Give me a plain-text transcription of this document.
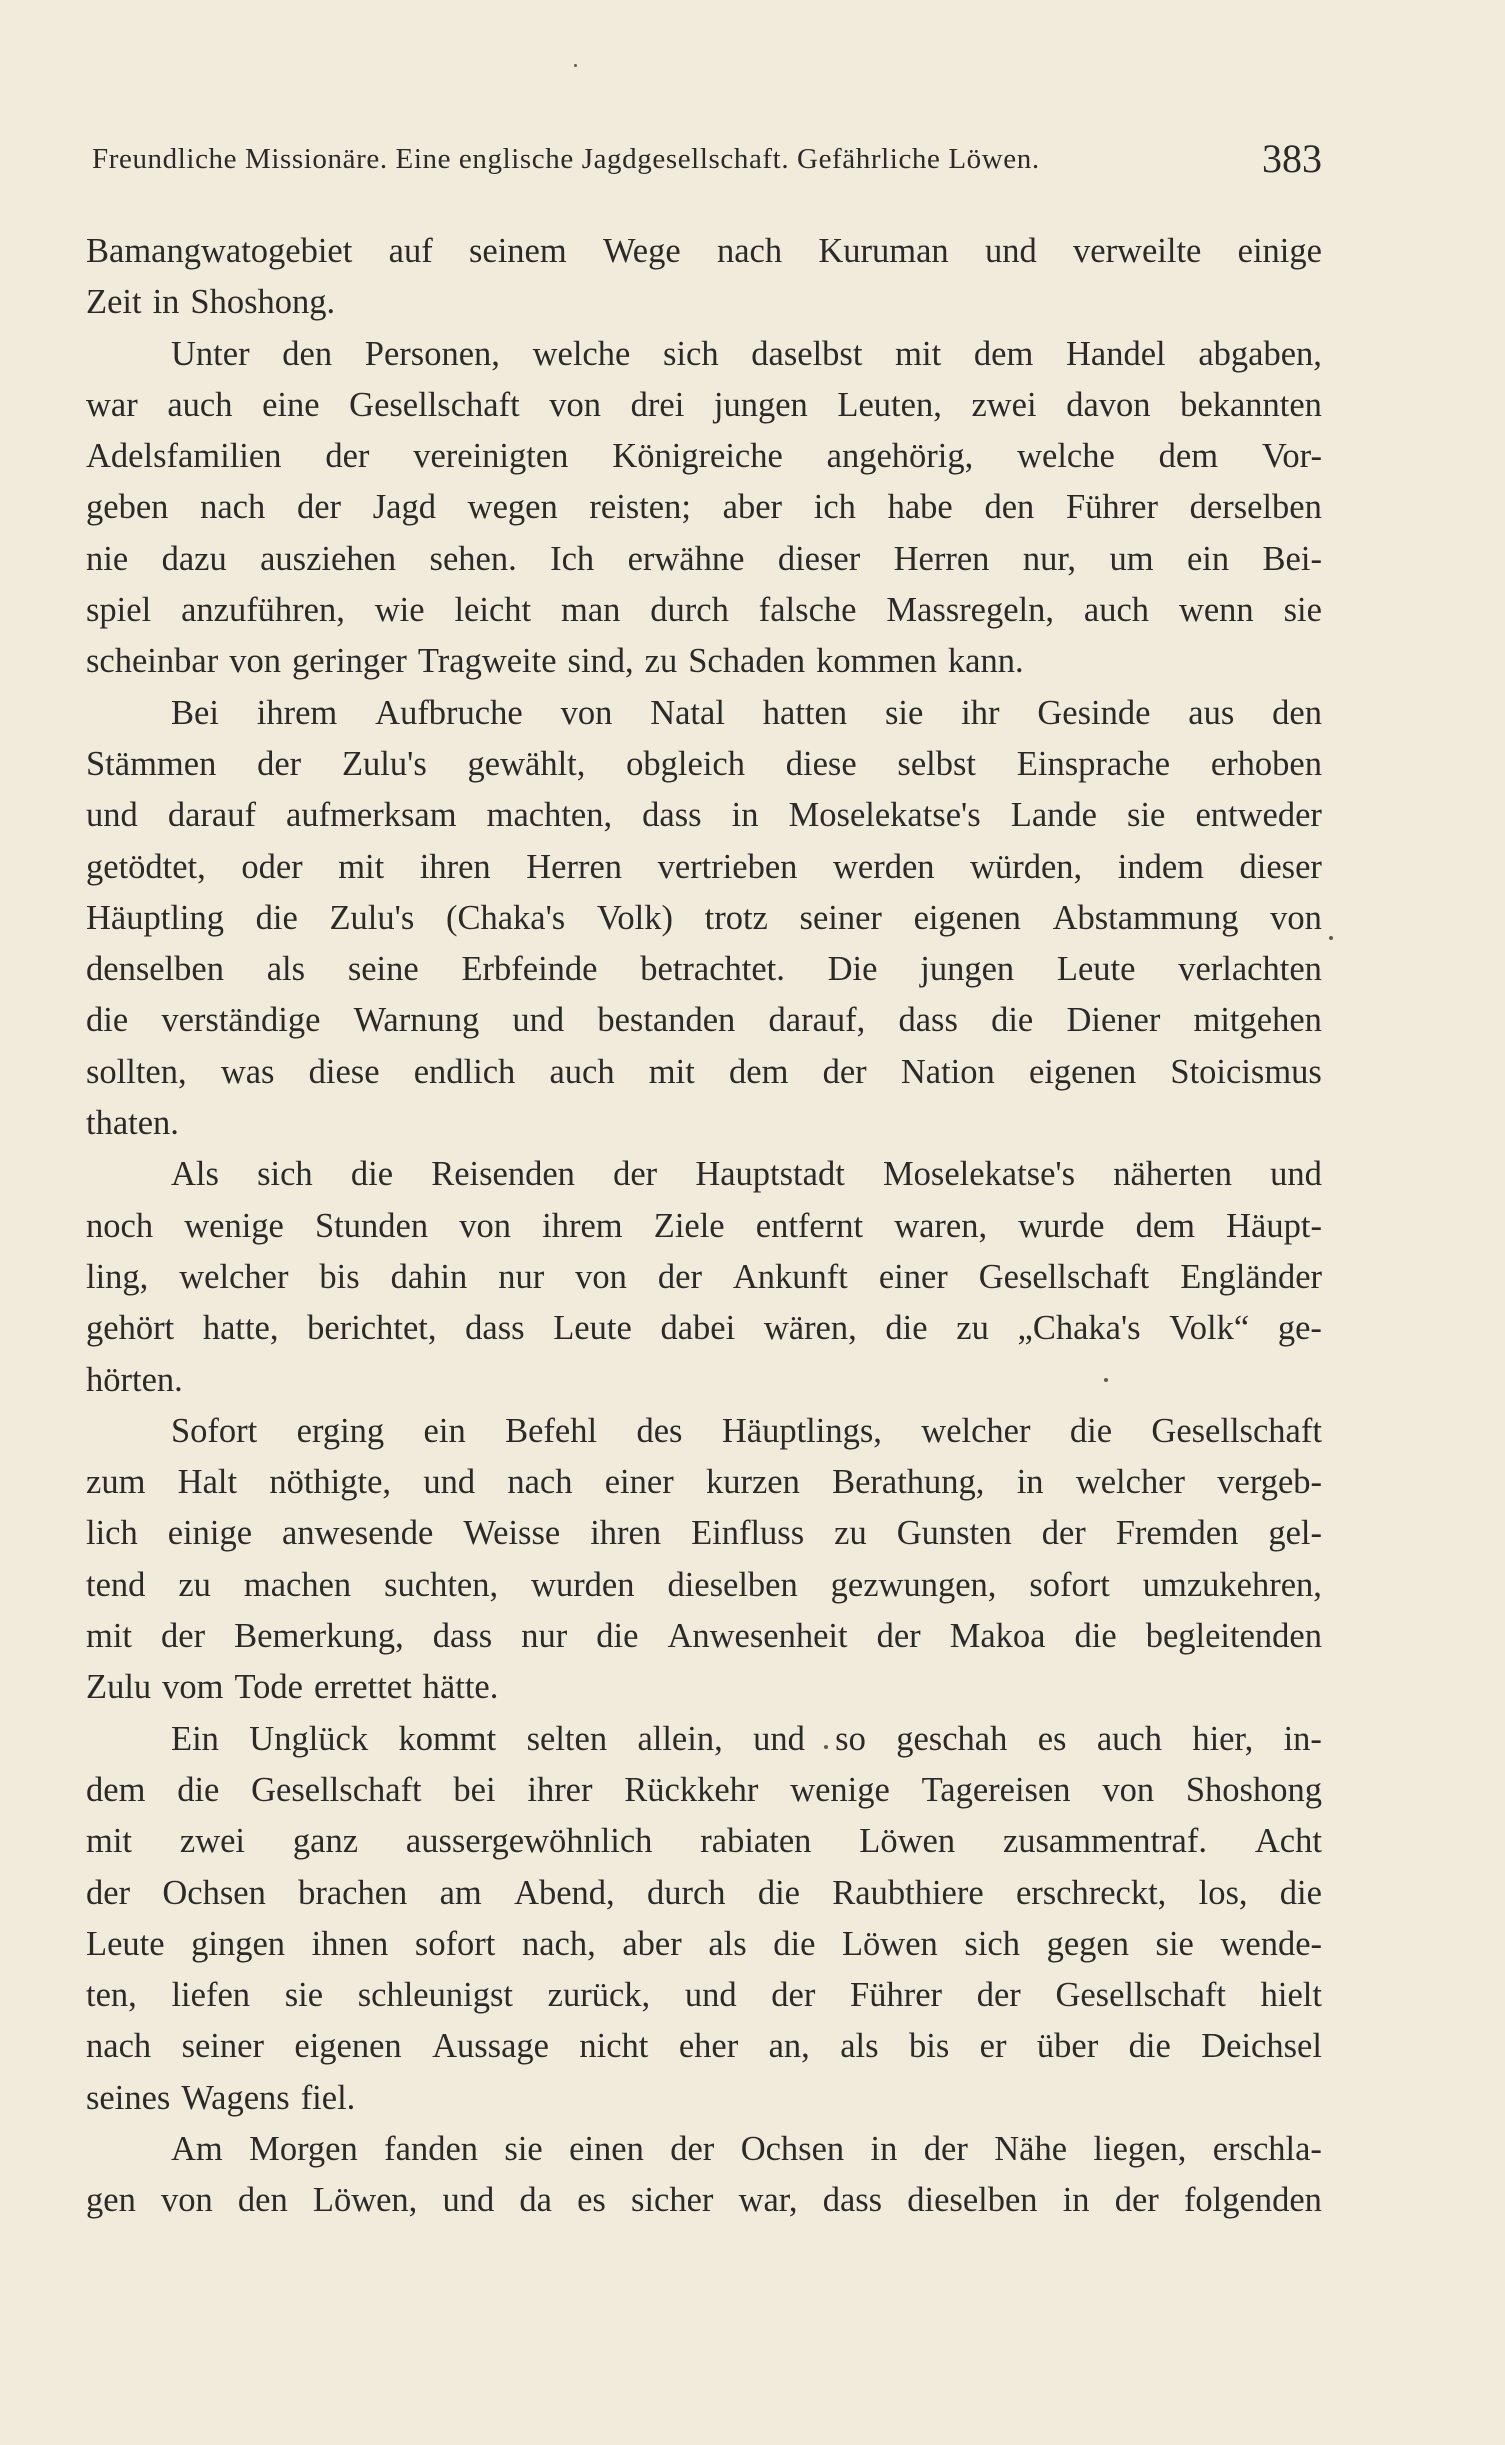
Freundliche Missionäre. Eine englische Jagdgesellschaft. Gefährliche Löwen.	383
Bamangwatogebiet auf seinem Wege nach Kuruman und verweilte einige
Zeit in Shoshong.
Unter den Personen, welche sich daselbst mit dem Handel abgaben,
war auch eine Gesellschaft von drei jungen Leuten, zwei davon bekannten
Adelsfamilien der vereinigten Königreiche angehörig, welche dem Vor-
geben nach der Jagd wegen reisten; aber ich habe den Führer derselben
nie dazu ausziehen sehen. Ich erwähne dieser Herren nur, um ein Bei-
spiel anzuführen, wie leicht man durch falsche Massregeln, auch wenn sie
scheinbar von geringer Tragweite sind, zu Schaden kommen kann.
Bei ihrem Aufbruche von Natal hatten sie ihr Gesinde aus den
Stämmen der Zulu's gewählt, obgleich diese selbst Einsprache erhoben
und darauf aufmerksam machten, dass in Moselekatse's Lande sie entweder
getödtet, oder mit ihren Herren vertrieben werden würden, indem dieser
Häuptling die Zulu's (Chaka's Volk) trotz seiner eigenen Abstammung von
denselben als seine Erbfeinde betrachtet. Die jungen Leute verlachten
die verständige Warnung und bestanden darauf, dass die Diener mitgehen
sollten, was diese endlich auch mit dem der Nation eigenen Stoicismus
thaten.
Als sich die Reisenden der Hauptstadt Moselekatse's näherten und
noch wenige Stunden von ihrem Ziele entfernt waren, wurde dem Häupt-
ling, welcher bis dahin nur von der Ankunft einer Gesellschaft Engländer
gehört hatte, berichtet, dass Leute dabei wären, die zu „Chaka's Volk“ ge-
hörten.
Sofort erging ein Befehl des Häuptlings, welcher die Gesellschaft
zum Halt nöthigte, und nach einer kurzen Berathung, in welcher vergeb-
lich einige anwesende Weisse ihren Einfluss zu Gunsten der Fremden gel-
tend zu machen suchten, wurden dieselben gezwungen, sofort umzukehren,
mit der Bemerkung, dass nur die Anwesenheit der Makoa die begleitenden
Zulu vom Tode errettet hätte.
Ein Unglück kommt selten allein, und so geschah es auch hier, in-
dem die Gesellschaft bei ihrer Rückkehr wenige Tagereisen von Shoshong
mit zwei ganz aussergewöhnlich rabiaten Löwen zusammentraf. Acht
der Ochsen brachen am Abend, durch die Raubthiere erschreckt, los, die
Leute gingen ihnen sofort nach, aber als die Löwen sich gegen sie wende-
ten, liefen sie schleunigst zurück, und der Führer der Gesellschaft hielt
nach seiner eigenen Aussage nicht eher an, als bis er über die Deichsel
seines Wagens fiel.
Am Morgen fanden sie einen der Ochsen in der Nähe liegen, erschla-
gen von den Löwen, und da es sicher war, dass dieselben in der folgenden
